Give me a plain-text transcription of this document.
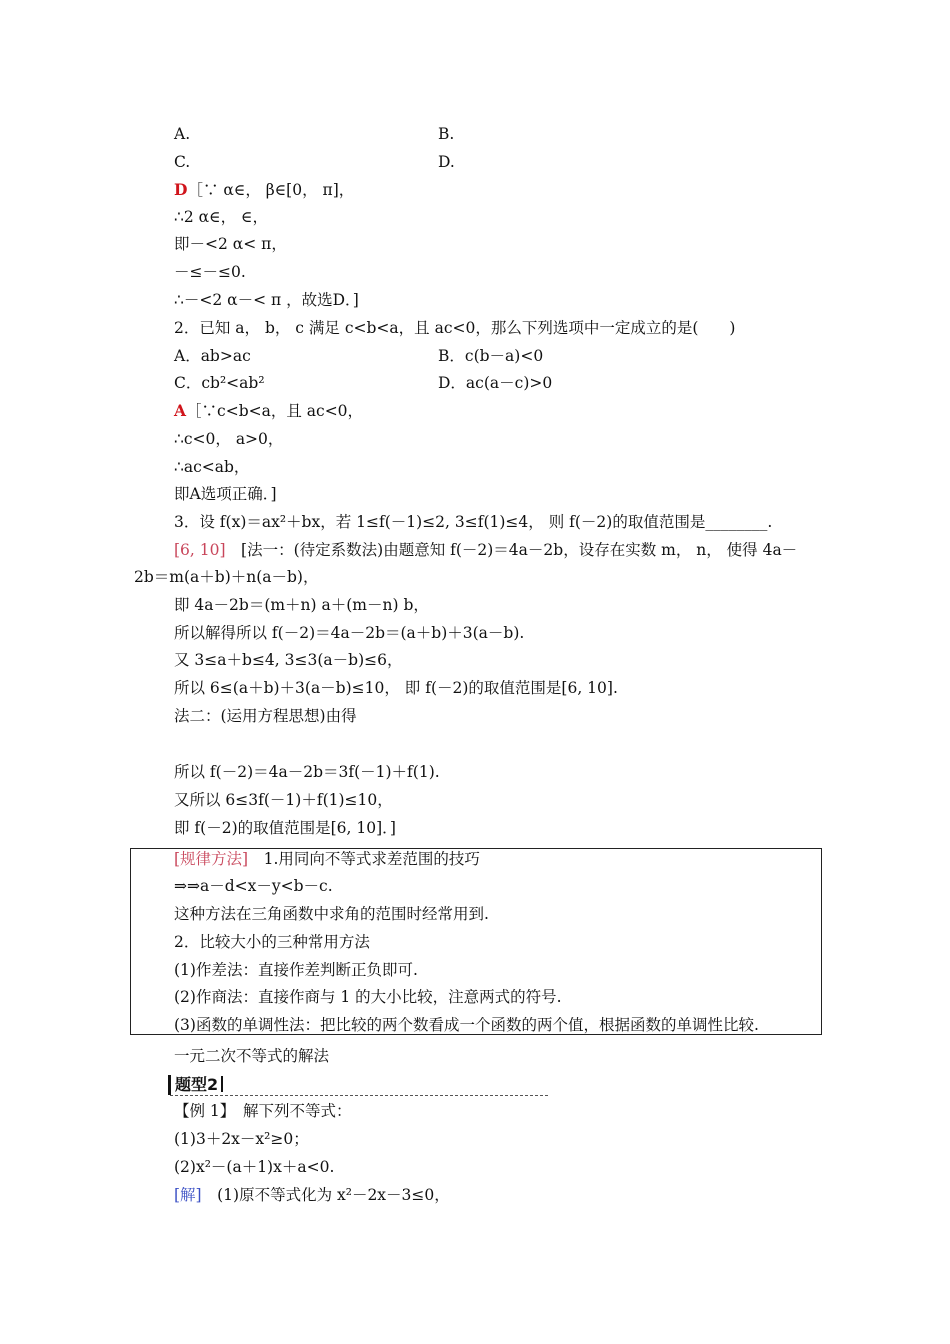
A.
C.
D［∵ α∈， β∈[0， π]，
∴2 α∈， ∈，
即－<2 α< π，
－≤－≤0.
∴－<2 α－< π ，故选D．]
2．已知 a， b， c 满足 c<b<a，且 ac<0，那么下列选项中一定成立的是(　　)
A．ab>ac
C．cb²<ab²
A［∵c<b<a，且 ac<0，
∴c<0， a>0，
∴ac<ab，
即A选项正确．]
3．设 f(x)＝ax²＋bx，若 1≤f(－1)≤2, 3≤f(1)≤4， 则 f(－2)的取值范围是________.
[6, 10]　[法一：(待定系数法)由题意知 f(－2)＝4a－2b，设存在实数 m， n， 使得 4a－
2b＝m(a＋b)＋n(a－b)，
即 4a－2b＝(m＋n) a＋(m－n) b，
所以解得所以 f(－2)＝4a－2b＝(a＋b)＋3(a－b).
又 3≤a＋b≤4, 3≤3(a－b)≤6，
所以 6≤(a＋b)＋3(a－b)≤10， 即 f(－2)的取值范围是[6, 10].
法二：(运用方程思想)由得
所以 f(－2)＝4a－2b＝3f(－1)＋f(1).
又所以 6≤3f(－1)＋f(1)≤10，
即 f(－2)的取值范围是[6, 10]．]
[规律方法]　1.用同向不等式求差范围的技巧
⇒⇒a－d<x－y<b－c.
这种方法在三角函数中求角的范围时经常用到.
2．比较大小的三种常用方法
(1)作差法：直接作差判断正负即可.
(2)作商法：直接作商与 1 的大小比较，注意两式的符号.
(3)函数的单调性法：把比较的两个数看成一个函数的两个值，根据函数的单调性比较.
一元二次不等式的解法
【例 1】　解下列不等式：
(1)3＋2x－x²≥0；
(2)x²－(a＋1)x＋a<0.
[解]　(1)原不等式化为 x²－2x－3≤0，
B.
D.
B．c(b－a)<0
D．ac(a－c)>0
题型2
